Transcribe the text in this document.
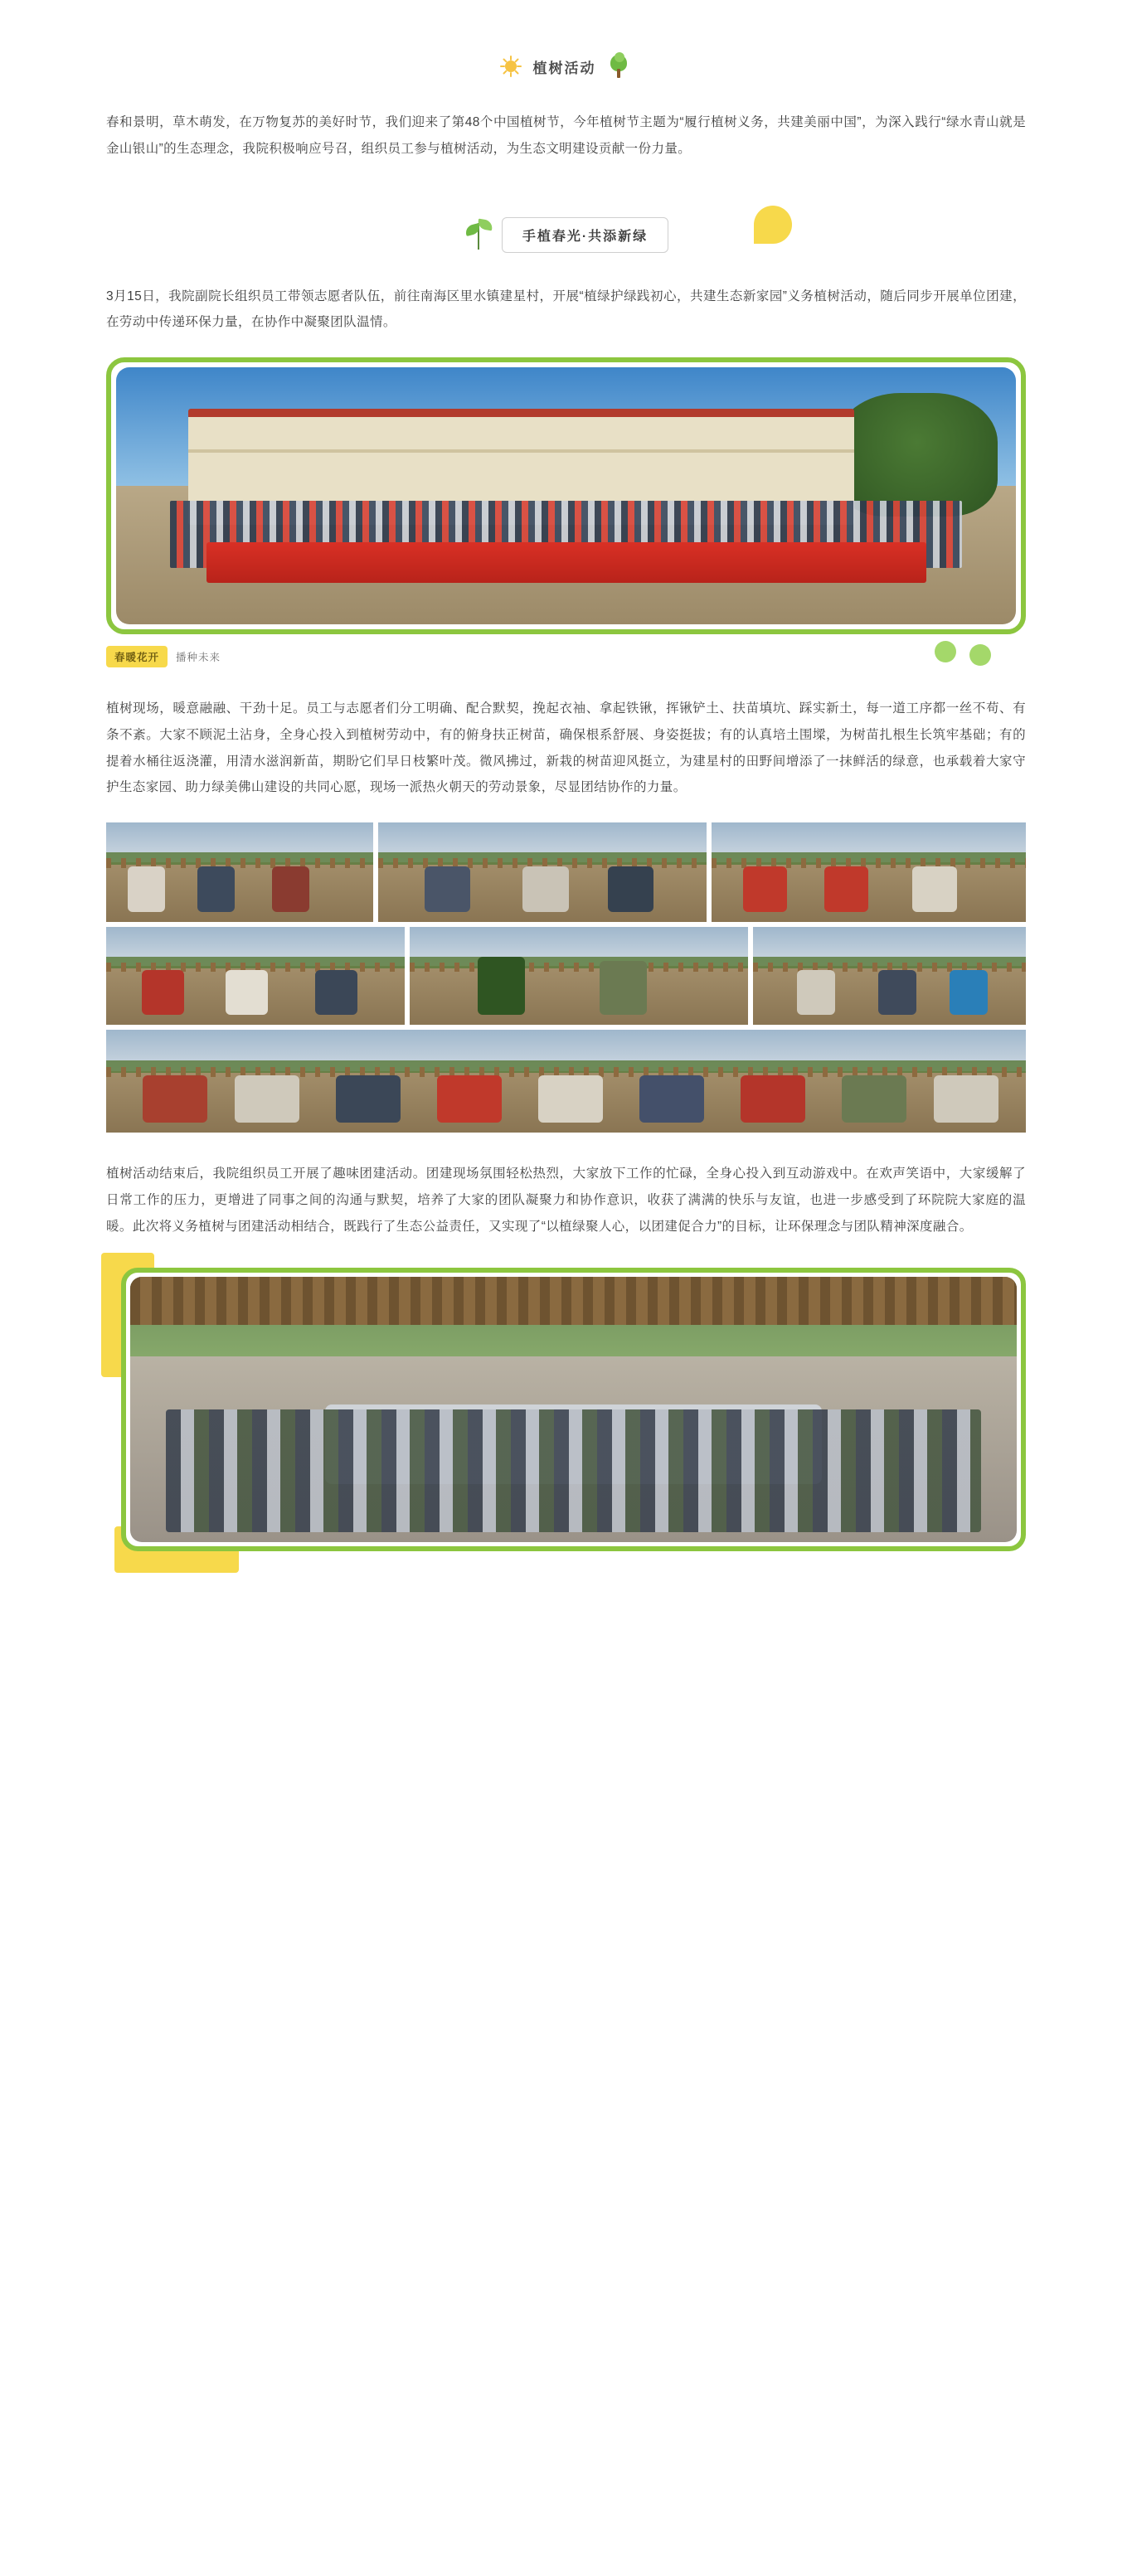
植树活动

春和景明，草木萌发，在万物复苏的美好时节，我们迎来了第48个中国植树节，今年植树节主题为“履行植树义务，共建美丽中国”，为深入践行“绿水青山就是金山银山”的生态理念，我院积极响应号召，组织员工参与植树活动，为生态文明建设贡献一份力量。

手植春光·共添新绿

3月15日，我院副院长组织员工带领志愿者队伍，前往南海区里水镇建星村，开展“植绿护绿践初心，共建生态新家园”义务植树活动，随后同步开展单位团建，在劳动中传递环保力量，在协作中凝聚团队温情。

春暖花开	播种未来

植树现场，暖意融融、干劲十足。员工与志愿者们分工明确、配合默契，挽起衣袖、拿起铁锹，挥锹铲土、扶苗填坑、踩实新土，每一道工序都一丝不苟、有条不紊。大家不顾泥土沾身，全身心投入到植树劳动中，有的俯身扶正树苗，确保根系舒展、身姿挺拔；有的认真培土围墚，为树苗扎根生长筑牢基础；有的提着水桶往返浇灌，用清水滋润新苗，期盼它们早日枝繁叶茂。微风拂过，新栽的树苗迎风挺立，为建星村的田野间增添了一抹鲜活的绿意，也承载着大家守护生态家园、助力绿美佛山建设的共同心愿，现场一派热火朝天的劳动景象，尽显团结协作的力量。

植树活动结束后，我院组织员工开展了趣味团建活动。团建现场氛围轻松热烈，大家放下工作的忙碌，全身心投入到互动游戏中。在欢声笑语中，大家缓解了日常工作的压力，更增进了同事之间的沟通与默契，培养了大家的团队凝聚力和协作意识，收获了满满的快乐与友谊，也进一步感受到了环院院大家庭的温暖。此次将义务植树与团建活动相结合，既践行了生态公益责任，又实现了“以植绿聚人心，以团建促合力”的目标，让环保理念与团队精神深度融合。
